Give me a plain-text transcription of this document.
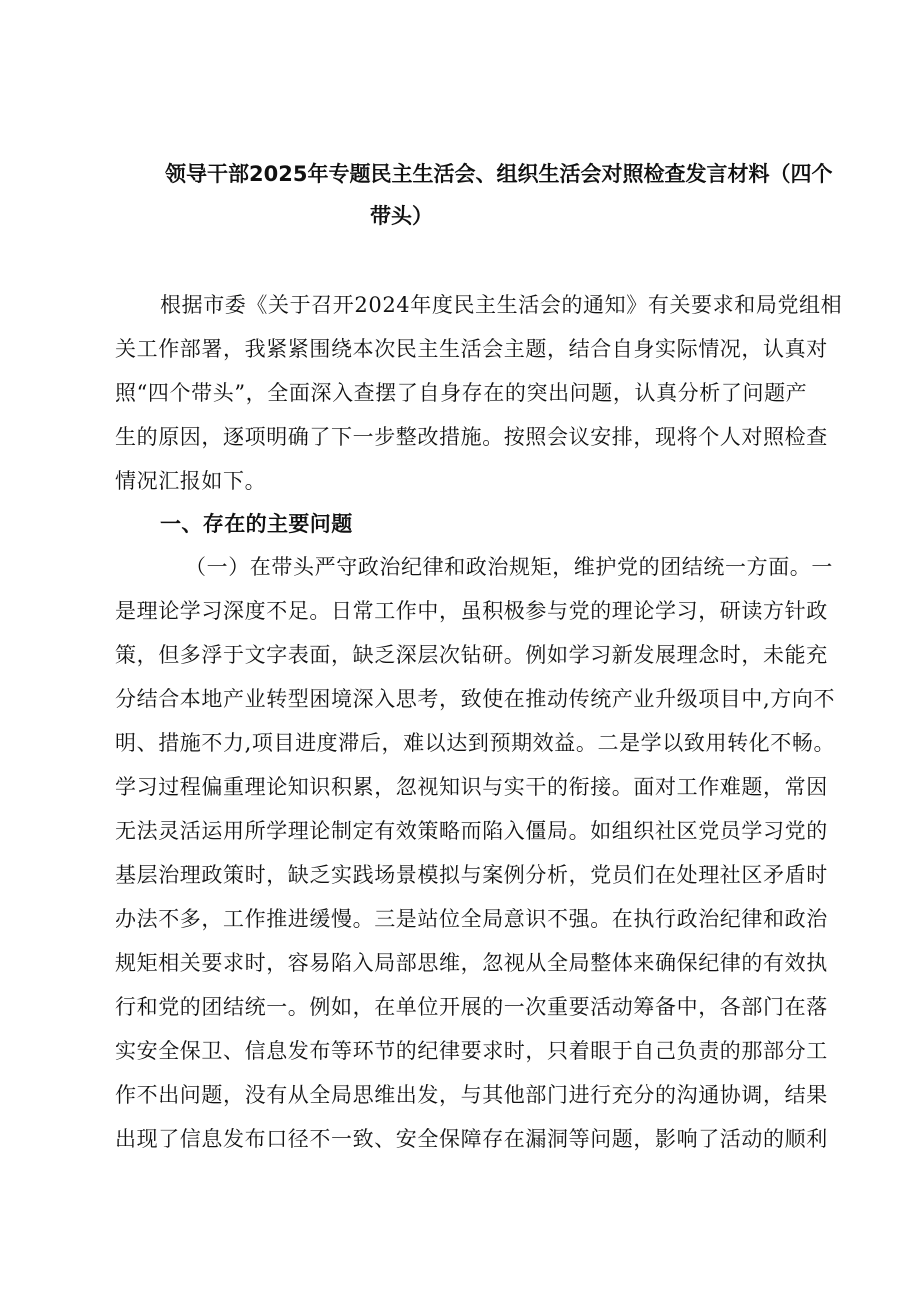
领导干部2025年专题民主生活会、组织生活会对照检查发言材料（四个
带头）
根据市委《关于召开2024年度民主生活会的通知》有关要求和局党组相
关工作部署，我紧紧围绕本次民主生活会主题，结合自身实际情况，认真对
照“四个带头”，全面深入查摆了自身存在的突出问题，认真分析了问题产
生的原因，逐项明确了下一步整改措施。按照会议安排，现将个人对照检查
情况汇报如下。
一、存在的主要问题
（一）在带头严守政治纪律和政治规矩，维护党的团结统一方面。一
是理论学习深度不足。日常工作中，虽积极参与党的理论学习，研读方针政
策，但多浮于文字表面，缺乏深层次钻研。例如学习新发展理念时，未能充
分结合本地产业转型困境深入思考，致使在推动传统产业升级项目中,方向不
明、措施不力,项目进度滞后，难以达到预期效益。二是学以致用转化不畅。
学习过程偏重理论知识积累，忽视知识与实干的衔接。面对工作难题，常因
无法灵活运用所学理论制定有效策略而陷入僵局。如组织社区党员学习党的
基层治理政策时，缺乏实践场景模拟与案例分析，党员们在处理社区矛盾时
办法不多，工作推进缓慢。三是站位全局意识不强。在执行政治纪律和政治
规矩相关要求时，容易陷入局部思维，忽视从全局整体来确保纪律的有效执
行和党的团结统一。例如，在单位开展的一次重要活动筹备中，各部门在落
实安全保卫、信息发布等环节的纪律要求时，只着眼于自己负责的那部分工
作不出问题，没有从全局思维出发，与其他部门进行充分的沟通协调，结果
出现了信息发布口径不一致、安全保障存在漏洞等问题，影响了活动的顺利
